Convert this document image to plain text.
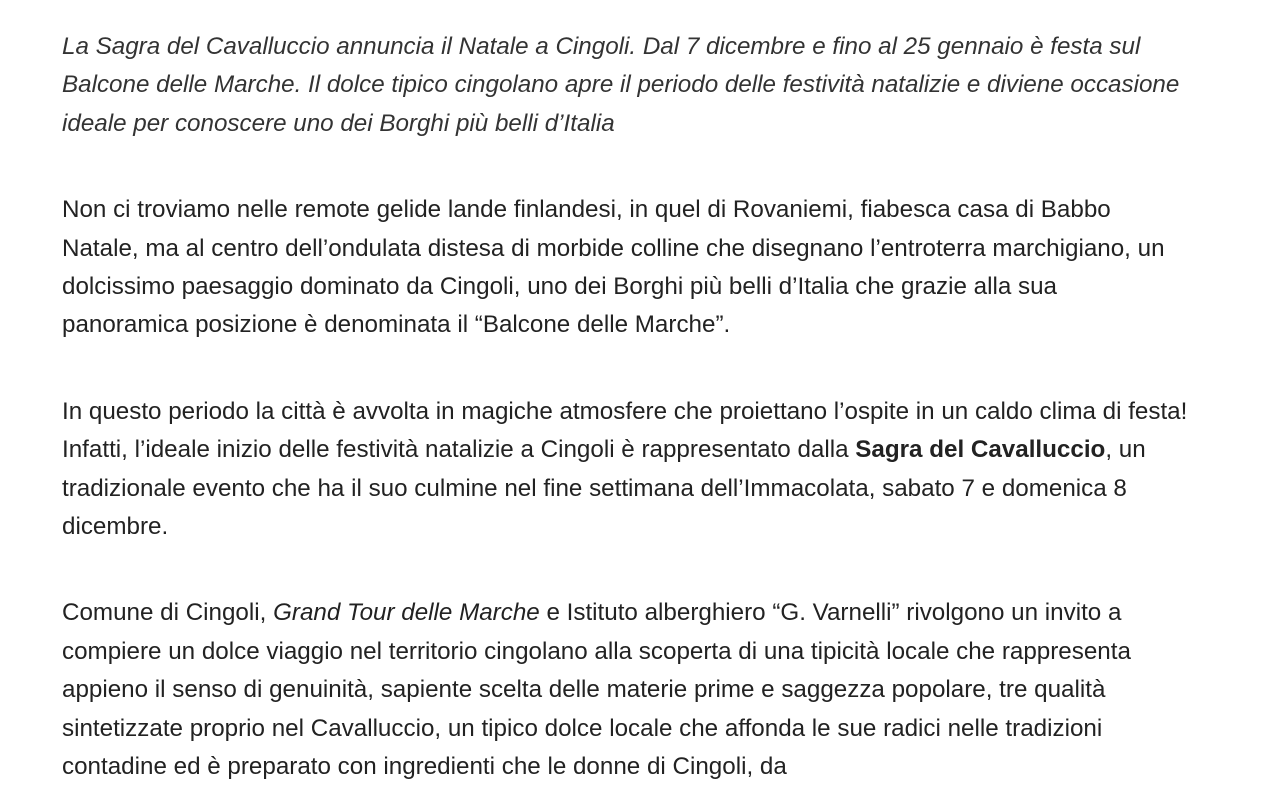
La Sagra del Cavalluccio annuncia il Natale a Cingoli. Dal 7 dicembre e fino al 25 gennaio è festa sul Balcone delle Marche. Il dolce tipico cingolano apre il periodo delle festività natalizie e diviene occasione ideale per conoscere uno dei Borghi più belli d’Italia

Non ci troviamo nelle remote gelide lande finlandesi, in quel di Rovaniemi, fiabesca casa di Babbo Natale, ma al centro dell’ondulata distesa di morbide colline che disegnano l’entroterra marchigiano, un dolcissimo paesaggio dominato da Cingoli, uno dei Borghi più belli d’Italia che grazie alla sua panoramica posizione è denominata il “Balcone delle Marche”.

In questo periodo la città è avvolta in magiche atmosfere che proiettano l’ospite in un caldo clima di festa! Infatti, l’ideale inizio delle festività natalizie a Cingoli è rappresentato dalla Sagra del Cavalluccio, un tradizionale evento che ha il suo culmine nel fine settimana dell’Immacolata, sabato 7 e domenica 8 dicembre.

Comune di Cingoli, Grand Tour delle Marche e Istituto alberghiero “G. Varnelli” rivolgono un invito a compiere un dolce viaggio nel territorio cingolano alla scoperta di una tipicità locale che rappresenta appieno il senso di genuinità, sapiente scelta delle materie prime e saggezza popolare, tre qualità sintetizzate proprio nel Cavalluccio, un tipico dolce locale che affonda le sue radici nelle tradizioni contadine ed è preparato con ingredienti che le donne di Cingoli, da
